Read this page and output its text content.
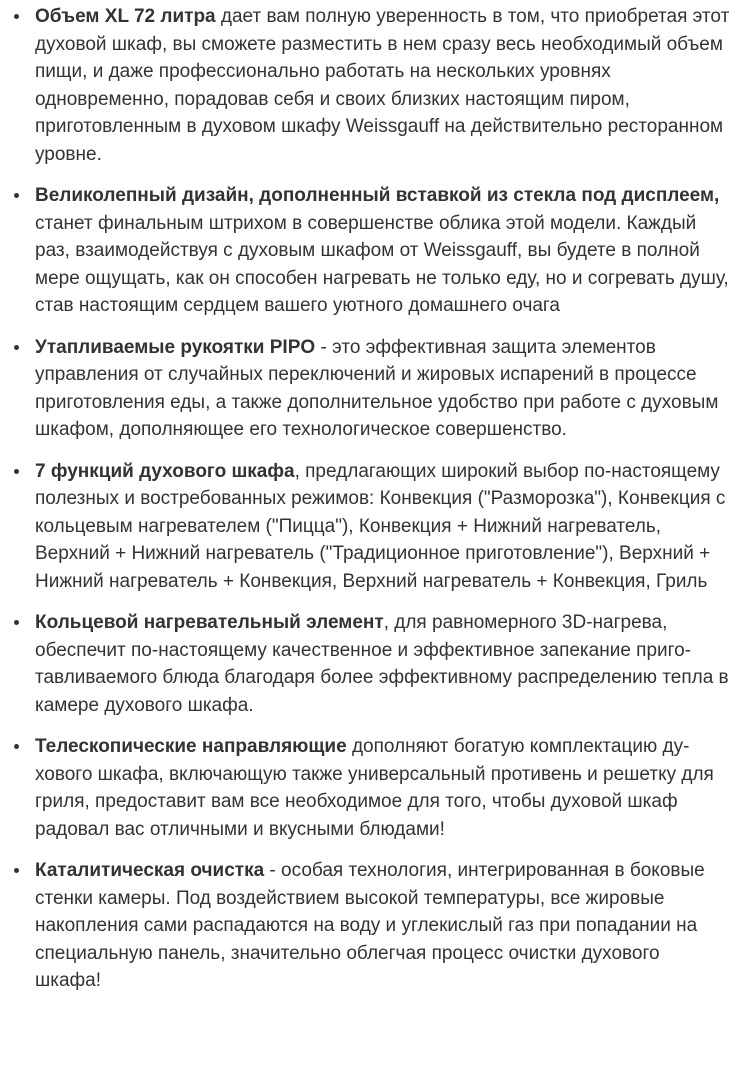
Объем XL 72 литра дает вам полную уверенность в том, что приобретая этот духовой шкаф, вы сможете разместить в нем сразу весь необходимый объем пищи, и даже профессионально работать на нескольких уровнях одновременно, порадовав себя и своих близких настоящим пиром, приготовленным в духовом шкафу Weissgauff на действительно ресторанном уровне.
Великолепный дизайн, дополненный вставкой из стекла под дисплеем, станет финальным штрихом в совершенстве облика этой модели. Каждый раз, взаимодействуя с духовым шкафом от Weissgauff, вы будете в полной мере ощущать, как он способен нагревать не только еду, но и согревать душу, став настоящим сердцем вашего уютного домашнего очага
Утапливаемые рукоятки PIPO - это эффективная защита элементов управления от случайных переключений и жировых испарений в процессе приготовления еды, а также дополнительное удобство при работе с духовым шкафом, дополняющее его технологическое совершенство.
7 функций духового шкафа, предлагающих широкий выбор по-настоящему полезных и востребованных режимов: Конвекция ("Разморозка"), Конвекция с кольцевым нагревателем ("Пицца"), Конвекция + Нижний нагреватель, Верхний + Нижний нагреватель ("Традиционное приготовление"), Верхний + Нижний нагреватель + Конвекция, Верхний нагреватель + Конвекция, Гриль
Кольцевой нагревательный элемент, для равномерного 3D-нагрева, обеспечит по-настоящему качественное и эффективное запекание приготавливаемого блюда благодаря более эффективному распределению тепла в камере духового шкафа.
Телескопические направляющие дополняют богатую комплектацию духового шкафа, включающую также универсальный противень и решетку для гриля, предоставит вам все необходимое для того, чтобы духовой шкаф радовал вас отличными и вкусными блюдами!
Каталитическая очистка - особая технология, интегрированная в боковые стенки камеры. Под воздействием высокой температуры, все жировые накопления сами распадаются на воду и углекислый газ при попадании на специальную панель, значительно облегчая процесс очистки духового шкафа!
